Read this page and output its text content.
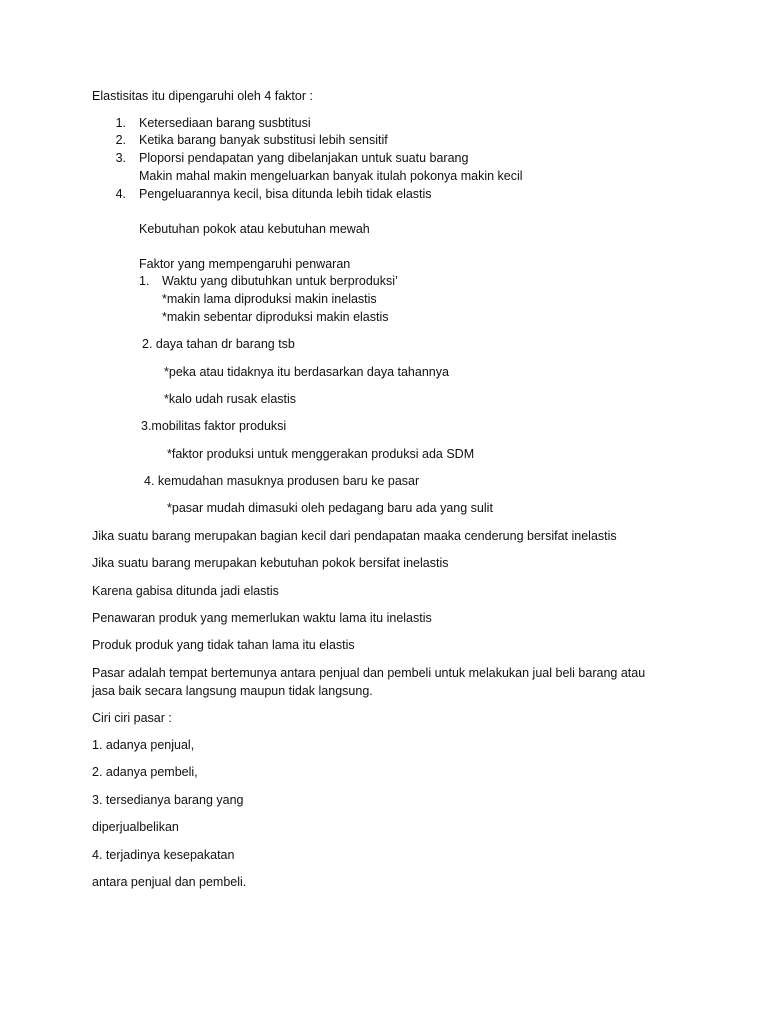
Elastisitas itu dipengaruhi oleh 4 faktor :
1. Ketersediaan barang susbtitusi
2. Ketika barang banyak substitusi lebih sensitif
3. Ploporsi pendapatan yang dibelanjakan untuk suatu barang
Makin mahal makin mengeluarkan banyak itulah pokonya makin kecil
4. Pengeluarannya kecil, bisa ditunda lebih tidak elastis
Kebutuhan pokok atau kebutuhan mewah
Faktor yang mempengaruhi penwaran
1. Waktu yang dibutuhkan untuk berproduksi’
*makin lama diproduksi makin inelastis
*makin sebentar diproduksi makin elastis
2. daya tahan dr barang tsb
*peka atau tidaknya itu berdasarkan daya tahannya
*kalo udah rusak elastis
3.mobilitas faktor produksi
*faktor produksi untuk menggerakan produksi ada SDM
4. kemudahan masuknya produsen baru ke pasar
*pasar mudah dimasuki oleh pedagang baru ada yang sulit
Jika suatu barang merupakan bagian kecil dari pendapatan maaka cenderung bersifat inelastis
Jika suatu barang merupakan kebutuhan pokok bersifat inelastis
Karena gabisa ditunda jadi elastis
Penawaran produk yang memerlukan waktu lama itu inelastis
Produk produk yang tidak tahan lama itu elastis
Pasar adalah tempat bertemunya antara penjual dan pembeli untuk melakukan jual beli barang atau
jasa baik secara langsung maupun tidak langsung.
Ciri ciri pasar :
1. adanya penjual,
2. adanya pembeli,
3. tersedianya barang yang
diperjualbelikan
4. terjadinya kesepakatan
antara penjual dan pembeli.
